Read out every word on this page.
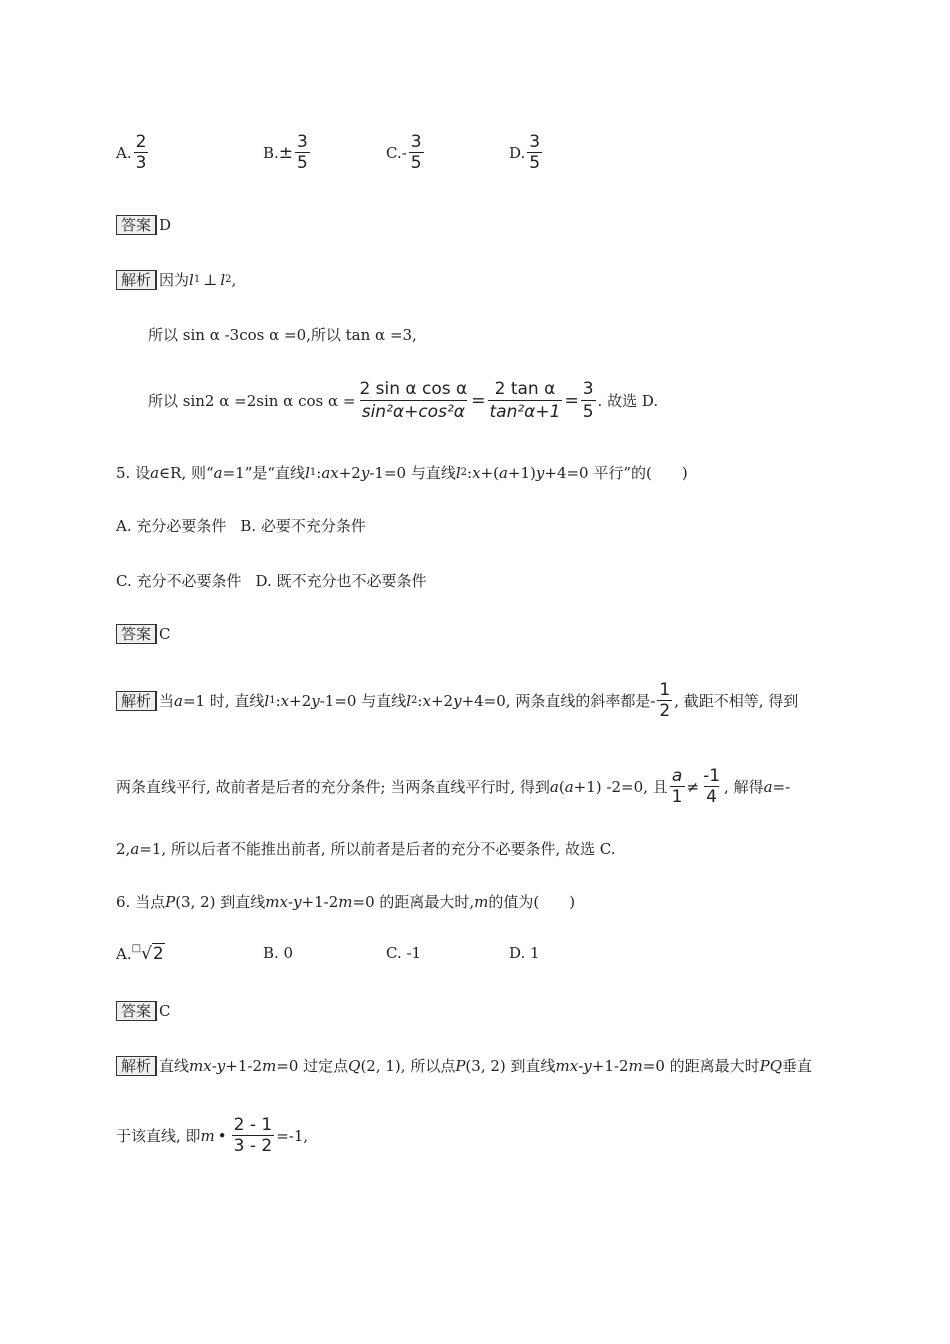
A. $\frac{2}{3}$	B. ± $\frac{3}{5}$	C. - $\frac{3}{5}$	D. $\frac{3}{5}$
答案 D
解析 因为 l 1 ⊥ l 2 ,
所以 sin α -3cos α =0,所以 tan α =3,
所以 sin2 α =2sin α $\cos \alpha = \frac{\text{2 sin α cos α}}{\text{sin²α+cos²α}} = \frac{\text{2 tan α}}{\text{tan²α+1}} = \frac{3}{5}$ . 故选 D.
5. 设 a ∈R, 则“ a =1”是“直线 l 1 : ax +2 y -1=0 与直线 l 2 : x +( a +1) y +4=0 平行”的(　　)
A. 充分必要条件 B. 必要不充分条件
C. 充分不必要条件 D. 既不充分也不必要条件
答案 C
解析 当 a =1 时, 直线 l 1 : x +2 y -1=0 与直线 l 2 : x +2 y +4=0, 两条直线的斜率都是- $\frac{1}{2}$ , 截距不相等, 得到
两条直线平行, 故前者是后者的充分条件; 当两条直线平行时, 得到 a ( a +1) -2=0, 且 $\frac{a}{1} \ne \frac{-1}{4}$ , 解得 a =-
2, a =1, 所以后者不能推出前者, 所以前者是后者的充分不必要条件, 故选 C.
6. 当点 P (3, 2) 到直线 mx - y +1-2 m =0 的距离最大时, m 的值为(　　)
A. □ √2	B. 0	C. -1	D. 1
答案 C
解析 直线 mx - y +1-2 m =0 过定点 Q (2, 1), 所以点 P (3, 2) 到直线 mx - y +1-2 m =0 的距离最大时 PQ 垂直
于该直线, 即 m • $\frac{2 - 1}{3 - 2} =-1$,
